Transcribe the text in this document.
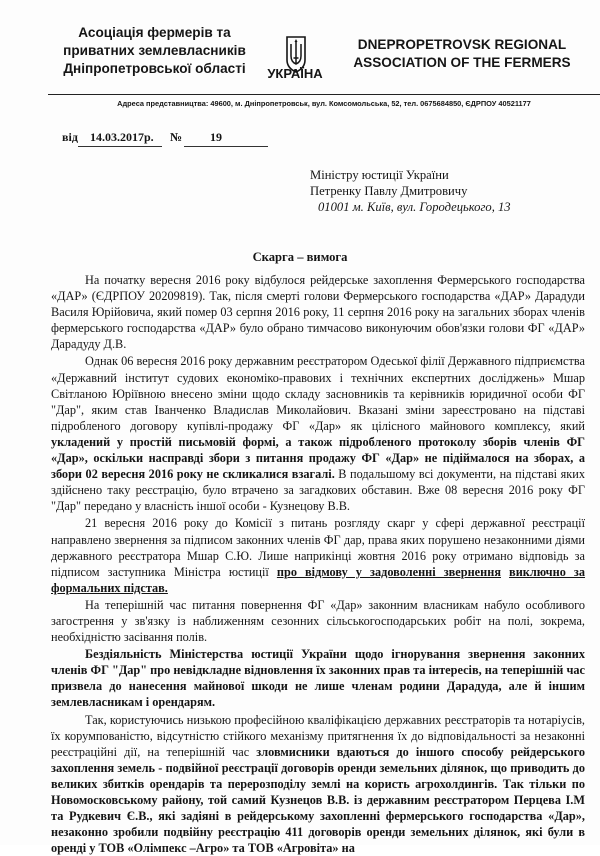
Асоціація фермерів та
приватних землевласників
Дніпропетровської області	УКРАЇНА
DNEPROPETROVSK REGIONAL
ASSOCIATION OF THE FERMERS
Адреса представництва: 49600, м. Дніпропетровськ, вул. Комсомольська, 52, тел. 0675684850, ЄДРПОУ 40521177
від 14.03.2017р. № 19
Міністру юстиції України
Петренку Павлу Дмитровичу
01001 м. Київ, вул. Городецького, 13
Скарга – вимога

На початку вересня 2016 року відбулося рейдерське захоплення Фермерського господарства «ДАР» (ЄДРПОУ 20209819). Так, після смерті голови Фермерського господарства «ДАР» Дарадуди Василя Юрійовича, який помер 03 серпня 2016 року, 11 серпня 2016 року на загальних зборах членів фермерського господарства «ДАР» було обрано тимчасово виконуючим обов'язки голови ФГ «ДАР» Дарадуду Д.В.

Однак 06 вересня 2016 року державним реєстратором Одеської філії Державного підприємства «Державний інститут судових економіко-правових і технічних експертних досліджень» Мшар Світланою Юріївною внесено зміни щодо складу засновників та керівників юридичної особи ФГ "Дар", яким став Іванченко Владислав Миколайович. Вказані зміни зареєстровано на підставі підробленого договору купівлі-продажу ФГ «Дар» як цілісного майнового комплексу, який укладений у простій письмовій формі, а також підробленого протоколу зборів членів ФГ «Дар», оскільки насправді збори з питання продажу ФГ «Дар» не підіймалося на зборах, а збори 02 вересня 2016 року не скликалися взагалі. В подальшому всі документи, на підставі яких здійснено таку реєстрацію, було втрачено за загадкових обставин. Вже 08 вересня 2016 року ФГ "Дар" передано у власність іншої особи - Кузнецову В.В.

21 вересня 2016 року до Комісії з питань розгляду скарг у сфері державної реєстрації направлено звернення за підписом законних членів ФГ дар, права яких порушено незаконними діями державного реєстратора Мшар С.Ю. Лише наприкінці жовтня 2016 року отримано відповідь за підписом заступника Міністра юстиції про відмову у задоволенні звернення виключно за формальних підстав.

На теперішній час питання повернення ФГ «Дар» законним власникам набуло особливого загострення у зв'язку із наближенням сезонних сільськогосподарських робіт на полі, зокрема, необхідністю засівання полів.

Бездіяльність Міністерства юстиції України щодо ігнорування звернення законних членів ФГ "Дар" про невідкладне відновлення їх законних прав та інтересів, на теперішній час призвела до нанесення майнової шкоди не лише членам родини Дарадуда, але й іншим землевласникам і орендарям.

Так, користуючись низькою професійною кваліфікацією державних реєстраторів та нотаріусів, їх корумпованістю, відсутністю стійкого механізму притягнення їх до відповідальності за незаконні реєстраційні дії, на теперішній час зловмисники вдаються до іншого способу рейдерського захоплення земель - подвійної реєстрації договорів оренди земельних ділянок, що приводить до великих збитків орендарів та перерозподілу землі на користь агрохолдингів. Так тільки по Новомосковському району, той самий Кузнецов В.В. із державним реєстратором Перцева І.М та Рудкевич Є.В., які задіяні в рейдерському захопленні фермерського господарства «Дар», незаконно зробили подвійну реєстрацію 411 договорів оренди земельних ділянок, які були в оренді у ТОВ «Олімпекс –Агро» та ТОВ «Агровіта» на
